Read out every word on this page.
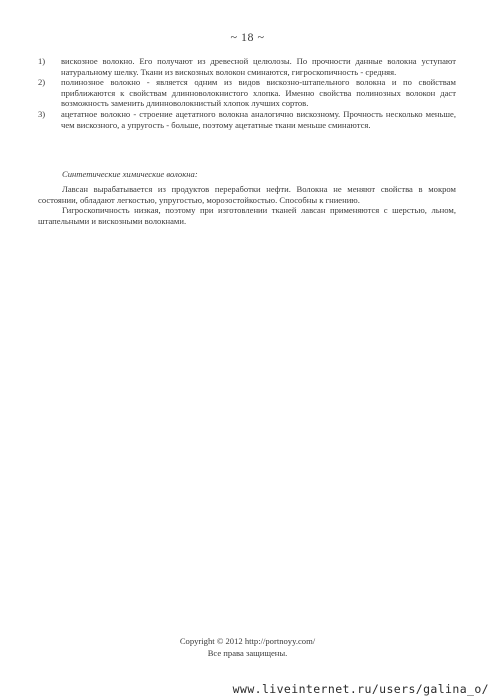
~ 18 ~
1)	вискозное волокно. Его получают из древесной целюлозы. По прочности данные волокна уступают натуральному шелку. Ткани из вискозных волокон сминаются, гигроскопичность - средняя.
2)	полинозное волокно - является одним из видов вискозно-штапельного волокна и по свойствам приближаются к свойствам длинноволокнистого хлопка. Именно свойства полинозных волокон даст возможность заменить длинноволокнистый хлопок лучших сортов.
3)	ацетатное волокно - строение ацетатного волокна аналогично вискозному. Прочность несколько меньше, чем вискозного, а упругость - больше, поэтому ацетатные ткани меньше сминаются.
Синтетические химические волокна:

Лавсан вырабатывается из продуктов переработки нефти. Волокна не меняют свойства в мокром состоянии, обладают легкостью, упругостью, морозостойкостью. Способны к гниению.

Гигроскопичность низкая, поэтому при изготовлении тканей лавсан применяются с шерстью, льном, штапельными и вискозными волокнами.

Copyright © 2012 http://portnoyy.com/
Все права защищены.
www.liveinternet.ru/users/galina_o/
